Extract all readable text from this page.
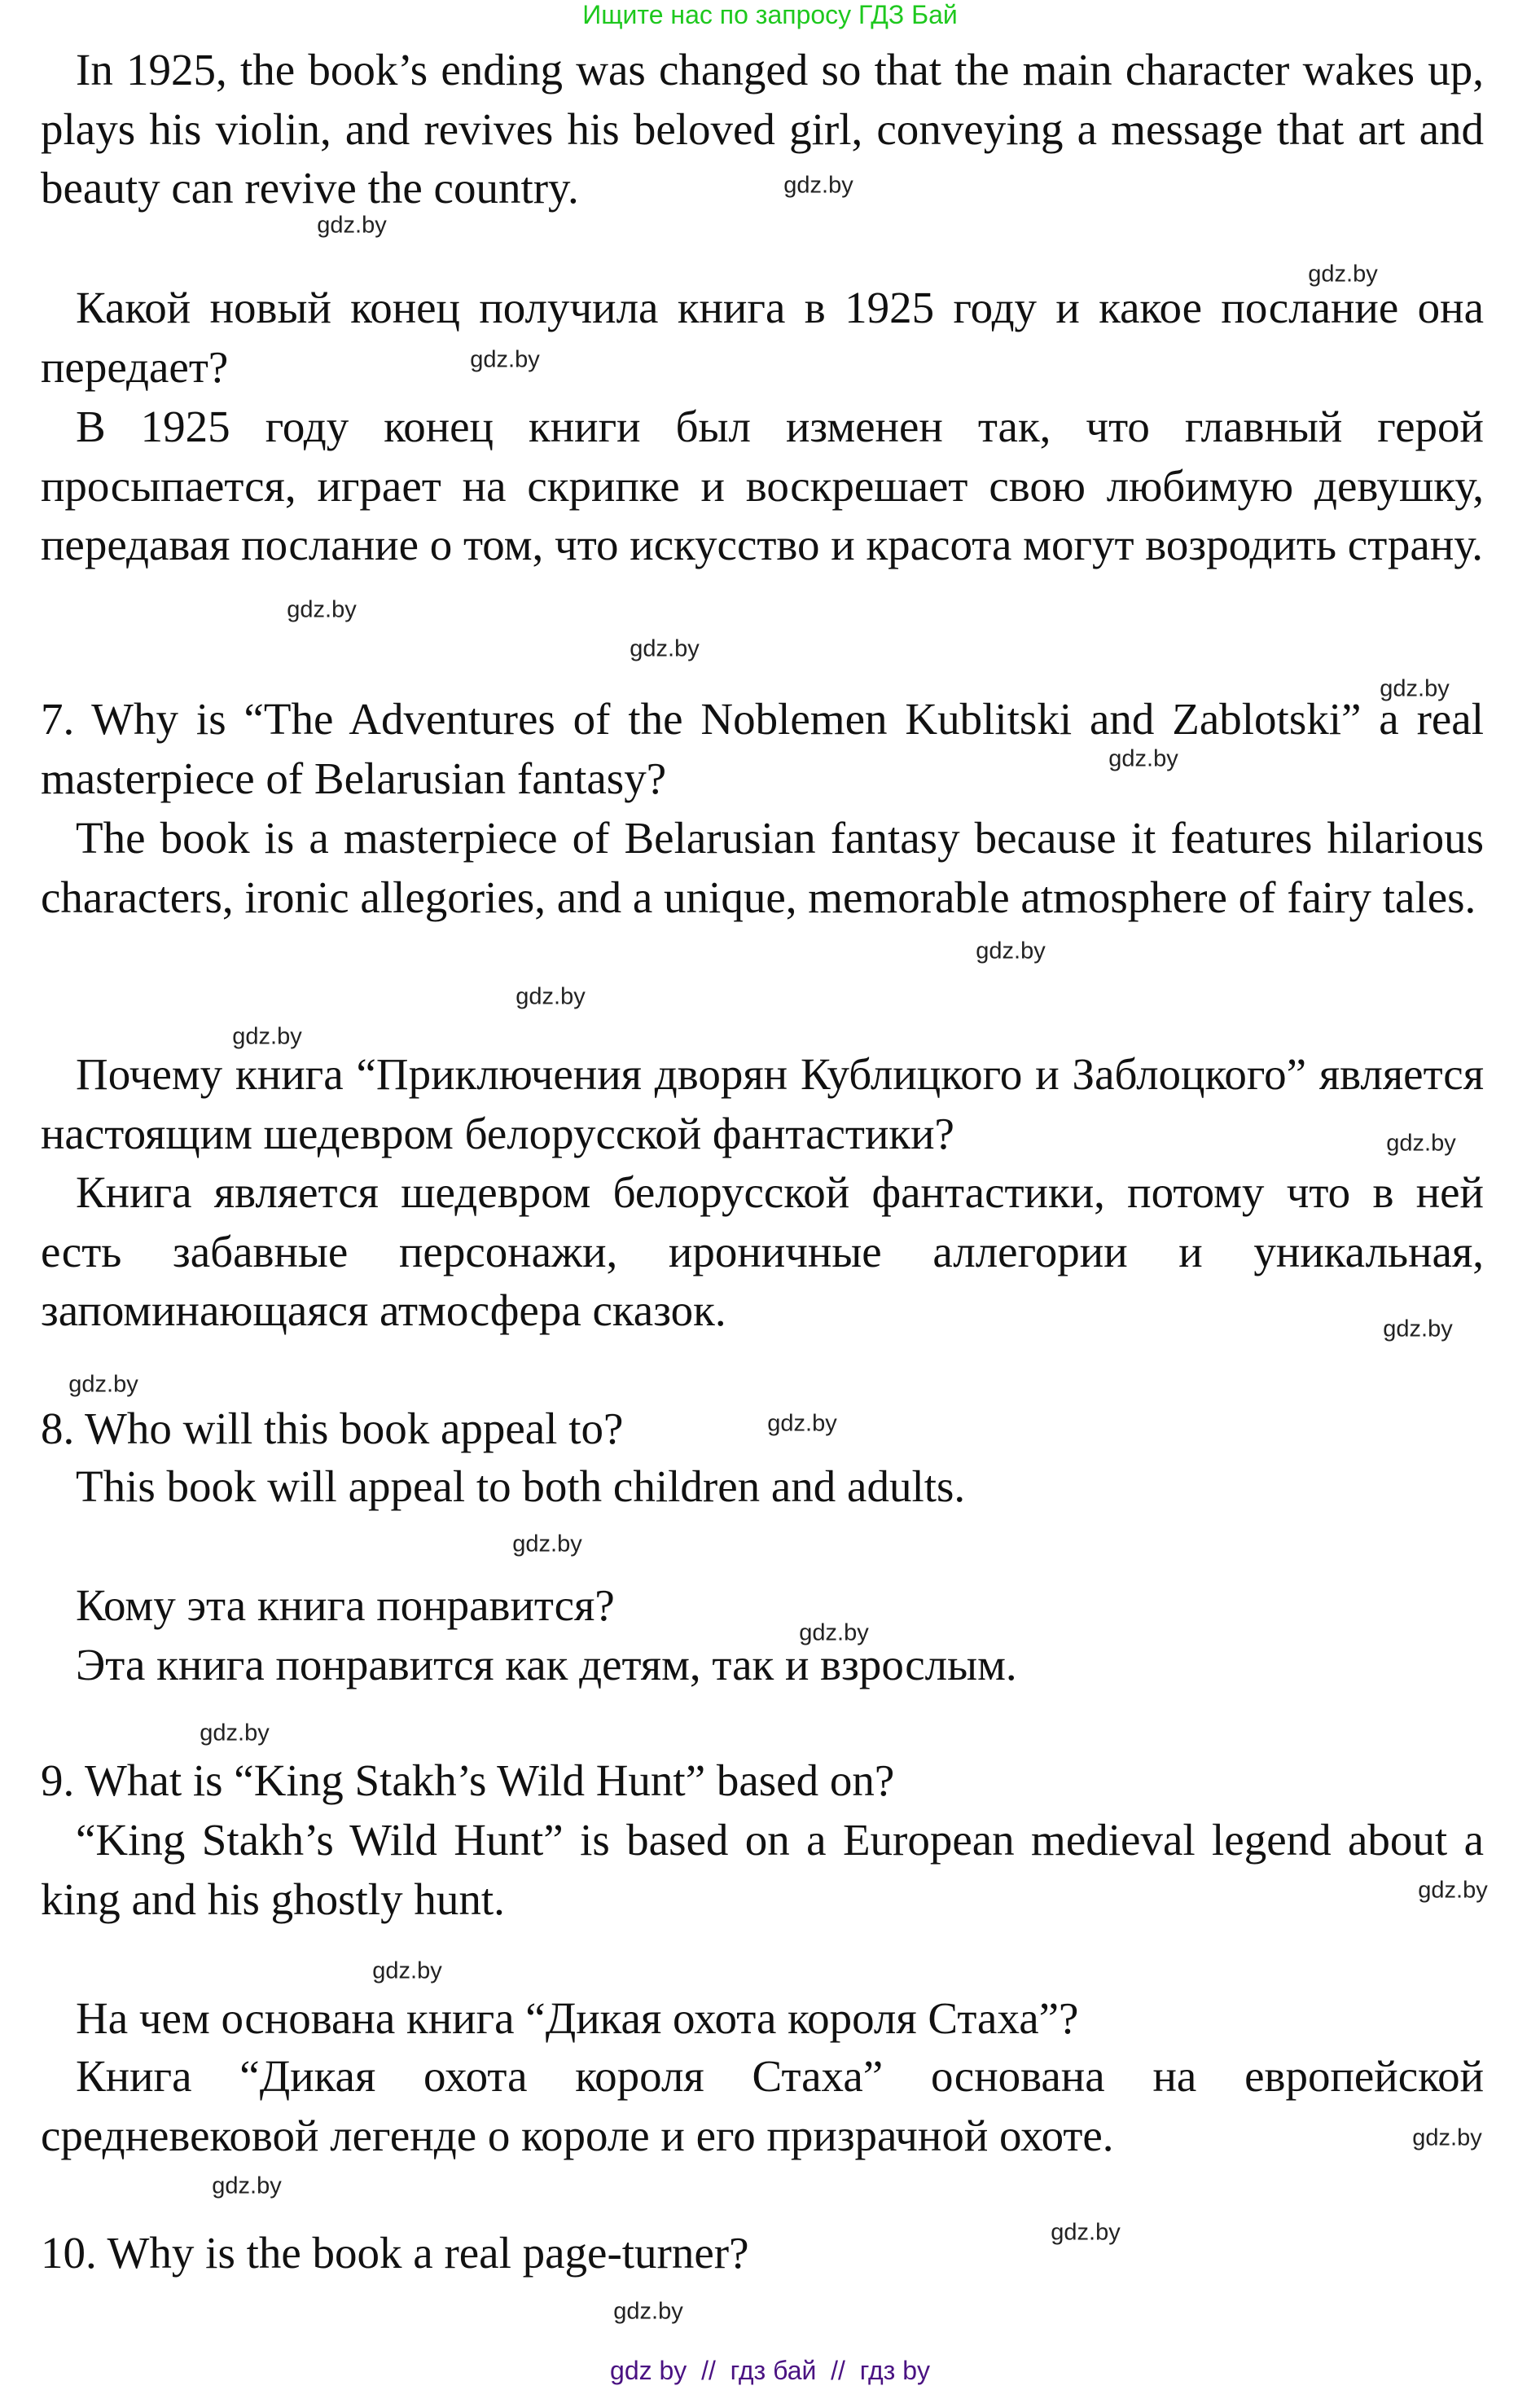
Ищите нас по запросу ГДЗ Бай

In 1925, the book’s ending was changed so that the main character wakes up, plays his violin, and revives his beloved girl, conveying a message that art and beauty can revive the country.

Какой новый конец получила книга в 1925 году и какое послание она передает?

В 1925 году конец книги был изменен так, что главный герой просыпается, играет на скрипке и воскрешает свою любимую девушку, передавая послание о том, что искусство и красота могут возродить страну.

7. Why is “The Adventures of the Noblemen Kublitski and Zablotski” a real masterpiece of Belarusian fantasy?

The book is a masterpiece of Belarusian fantasy because it features hilarious characters, ironic allegories, and a unique, memorable atmosphere of fairy tales.

Почему книга “Приключения дворян Кублицкого и Заблоцкого” является настоящим шедевром белорусской фантастики?

Книга является шедевром белорусской фантастики, потому что в ней есть забавные персонажи, ироничные аллегории и уникальная, запоминающаяся атмосфера сказок.

8. Who will this book appeal to?

This book will appeal to both children and adults.

Кому эта книга понравится?

Эта книга понравится как детям, так и взрослым.

9. What is “King Stakh’s Wild Hunt” based on?

“King Stakh’s Wild Hunt” is based on a European medieval legend about a king and his ghostly hunt.

На чем основана книга “Дикая охота короля Стаха”?

Книга “Дикая охота короля Стаха” основана на европейской средневековой легенде о короле и его призрачной охоте.

10. Why is the book a real page-turner?

gdz.by
gdz.by
gdz.by
gdz.by
gdz.by
gdz.by
gdz.by
gdz.by
gdz.by
gdz.by
gdz.by
gdz.by
gdz.by
gdz.by
gdz.by
gdz.by
gdz.by
gdz.by
gdz.by
gdz.by
gdz.by
gdz.by
gdz.by
gdz.by
gdz by  //  гдз бай  //  гдз by
